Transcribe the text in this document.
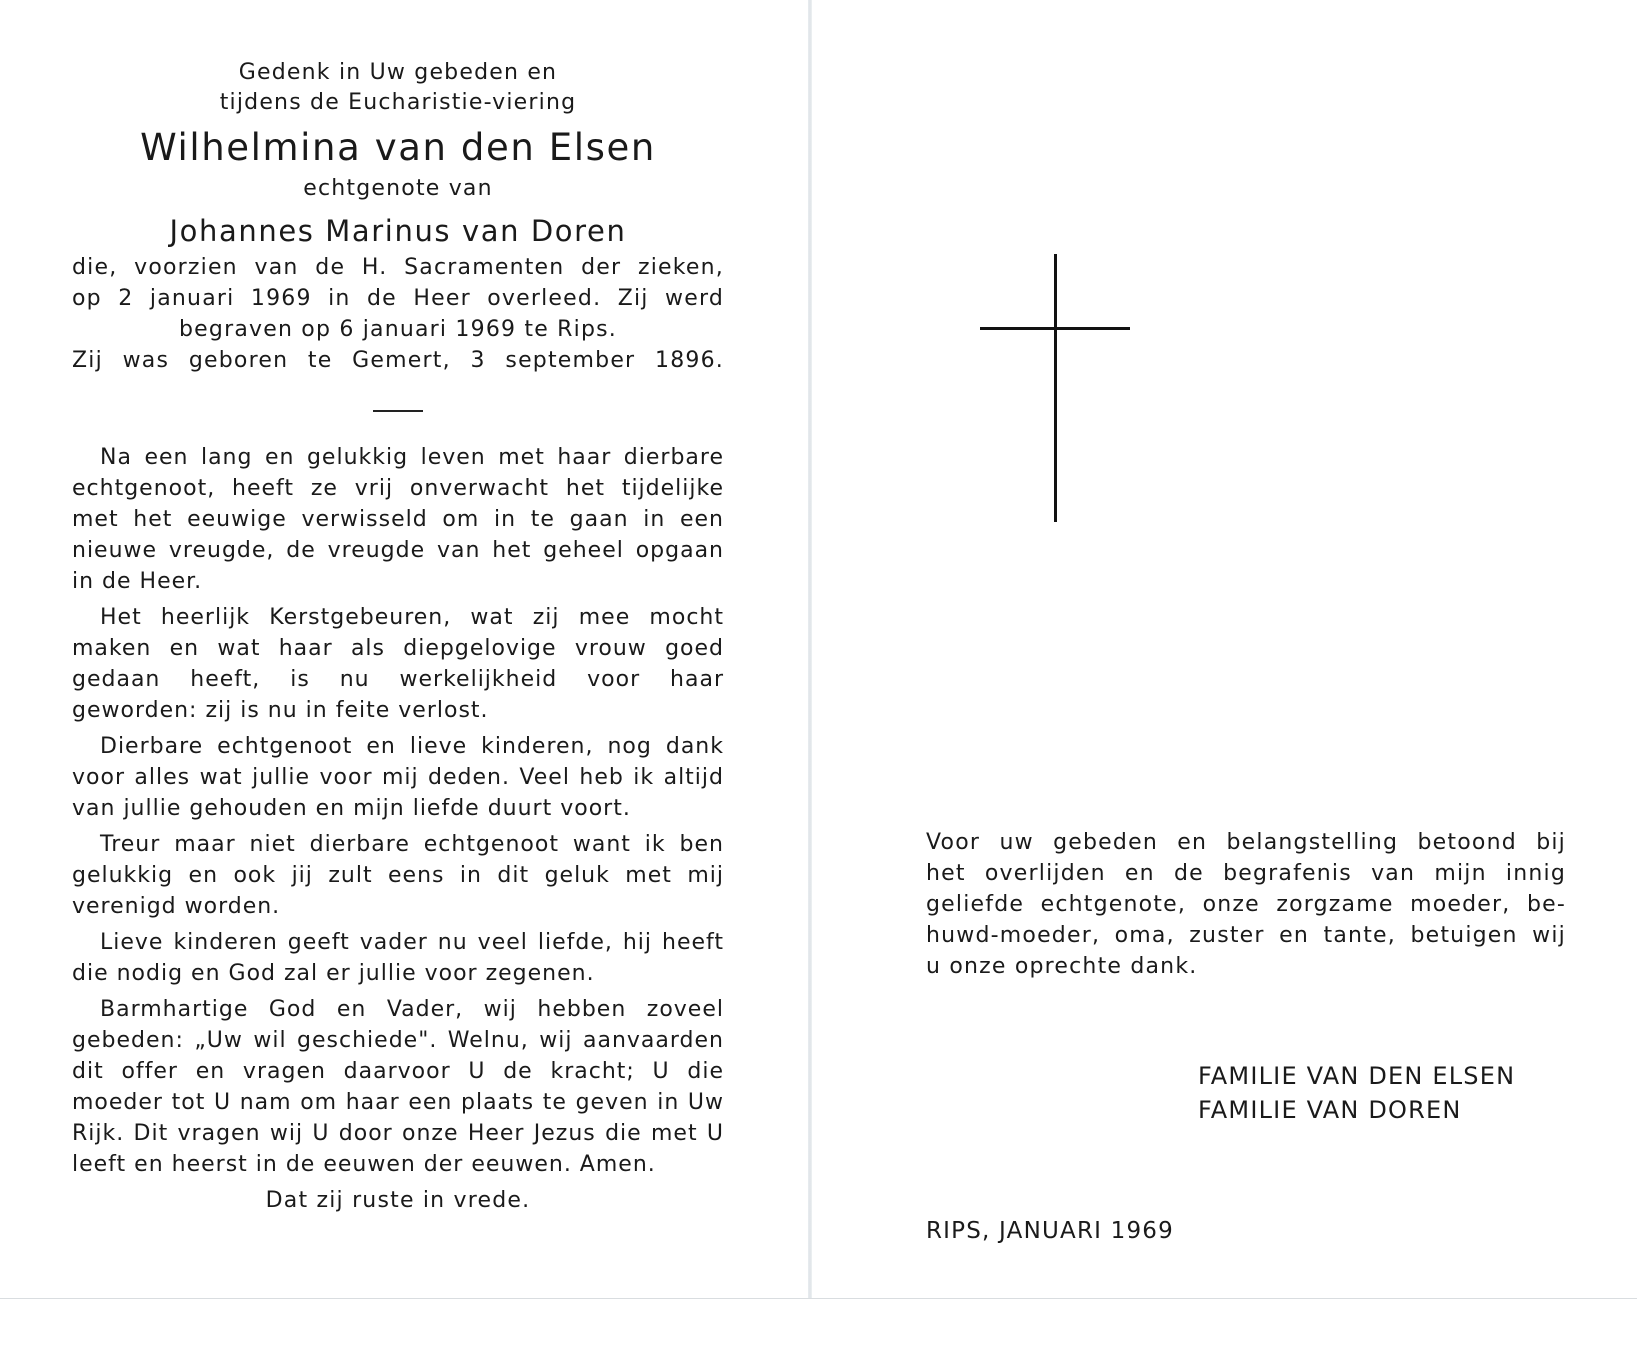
Gedenk in Uw gebeden en
tijdens de Eucharistie-viering
Wilhelmina van den Elsen
echtgenote van
Johannes Marinus van Doren
die, voorzien van de H. Sacramenten der zieken,
op 2 januari 1969 in de Heer overleed. Zij werd
begraven op 6 januari 1969 te Rips.
Zij was geboren te Gemert, 3 september 1896.

Na een lang en gelukkig leven met haar dierbare echtgenoot, heeft ze vrij onverwacht het tijdelijke met het eeuwige verwisseld om in te gaan in een nieuwe vreugde, de vreugde van het geheel opgaan in de Heer.

Het heerlijk Kerstgebeuren, wat zij mee mocht maken en wat haar als diepgelovige vrouw goed gedaan heeft, is nu werkelijkheid voor haar geworden: zij is nu in feite verlost.

Dierbare echtgenoot en lieve kinderen, nog dank voor alles wat jullie voor mij deden. Veel heb ik altijd van jullie gehouden en mijn liefde duurt voort.

Treur maar niet dierbare echtgenoot want ik ben gelukkig en ook jij zult eens in dit geluk met mij verenigd worden.

Lieve kinderen geeft vader nu veel liefde, hij heeft die nodig en God zal er jullie voor zegenen.

Barmhartige God en Vader, wij hebben zoveel gebeden: „Uw wil geschiede". Welnu, wij aanvaarden dit offer en vragen daarvoor U de kracht; U die moeder tot U nam om haar een plaats te geven in Uw Rijk. Dit vragen wij U door onze Heer Jezus die met U leeft en heerst in de eeuwen der eeuwen. Amen.

Dat zij ruste in vrede.
Voor uw gebeden en belangstelling betoond bij
het overlijden en de begrafenis van mijn innig
geliefde echtgenote, onze zorgzame moeder, be-
huwd-moeder, oma, zuster en tante, betuigen wij
u onze oprechte dank.
FAMILIE VAN DEN ELSEN
FAMILIE VAN DOREN
RIPS, JANUARI 1969
